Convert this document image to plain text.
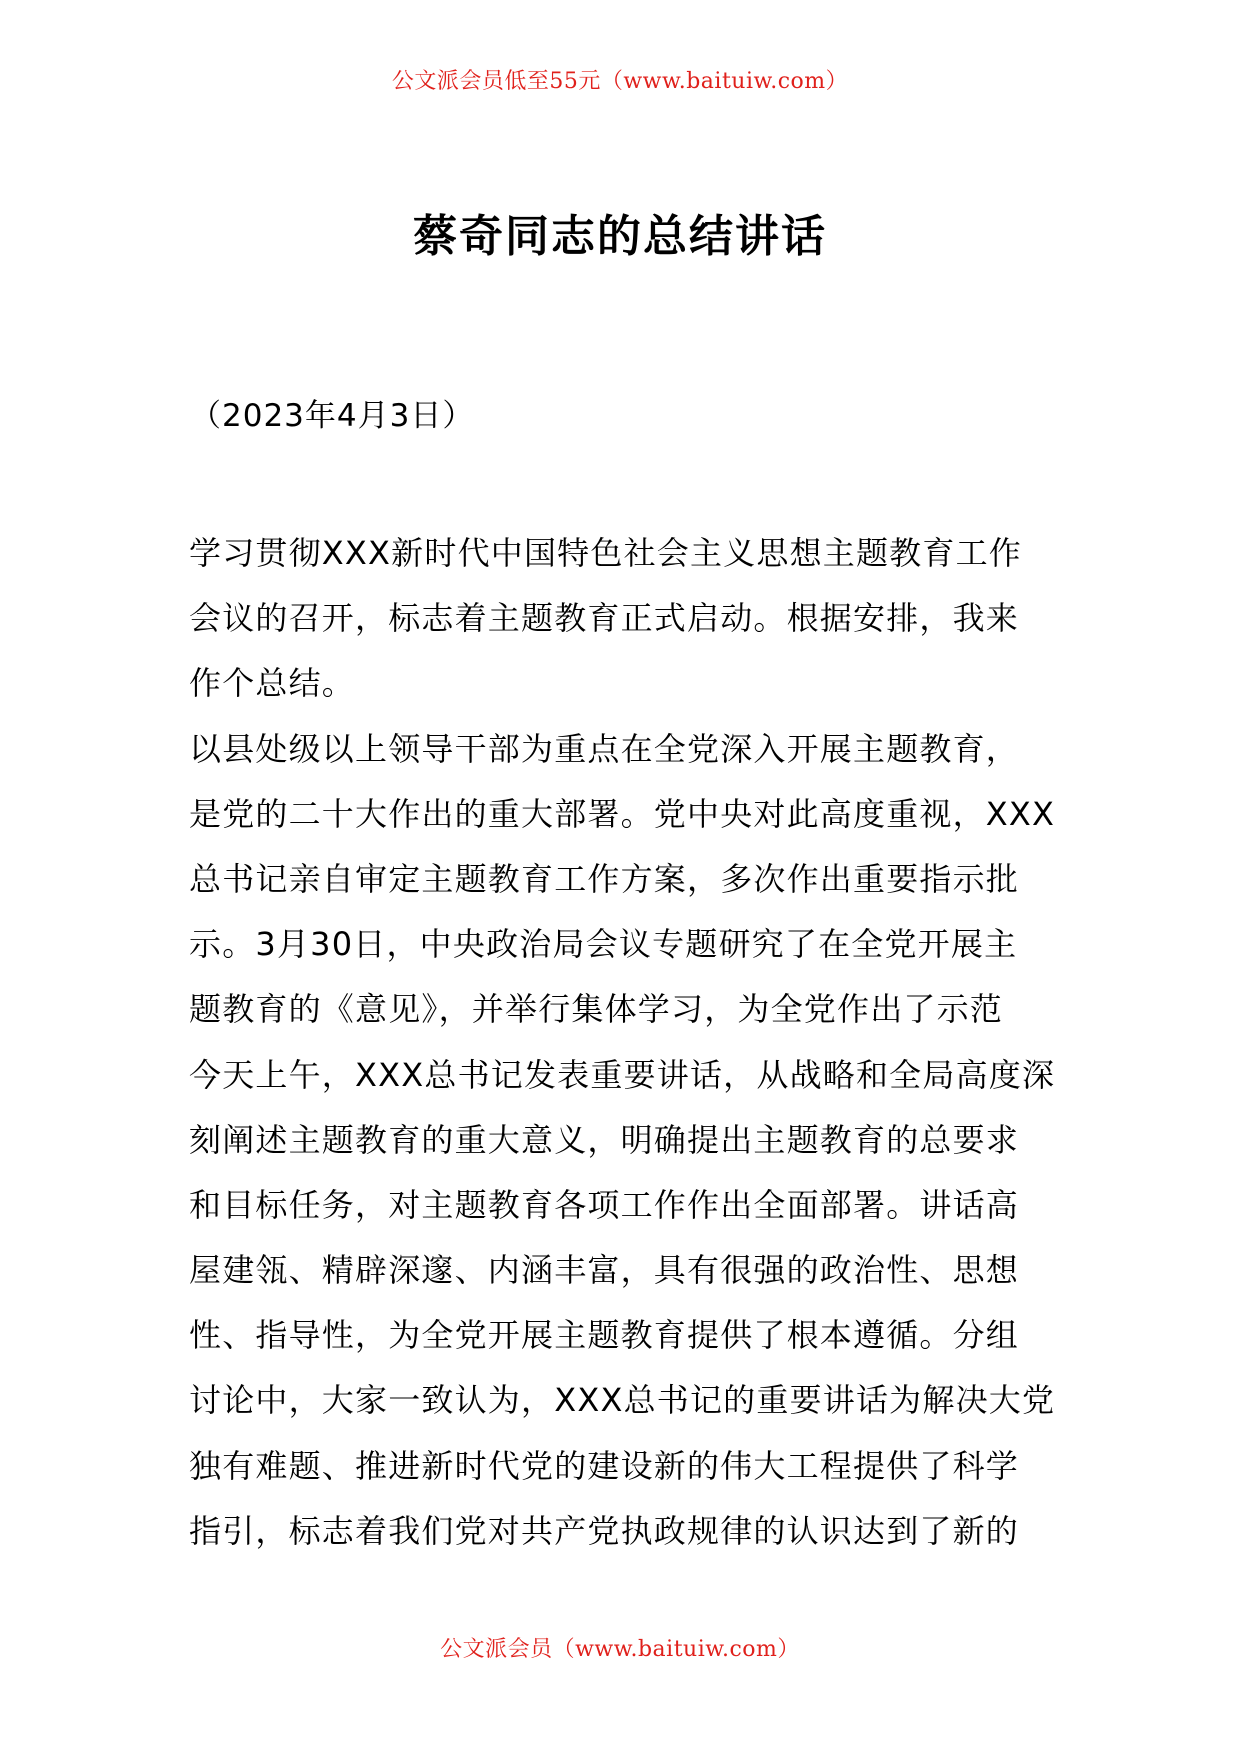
公文派会员低至55元（www.baituiw.com）
蔡奇同志的总结讲话
（2023年4月3日）
学习贯彻XXX新时代中国特色社会主义思想主题教育工作
会议的召开，标志着主题教育正式启动。根据安排，我来
作个总结。
以县处级以上领导干部为重点在全党深入开展主题教育，
是党的二十大作出的重大部署。党中央对此高度重视，XXX
总书记亲自审定主题教育工作方案，多次作出重要指示批
示。3月30日，中央政治局会议专题研究了在全党开展主
题教育的《意见》，并举行集体学习，为全党作出了示范
今天上午，XXX总书记发表重要讲话，从战略和全局高度深
刻阐述主题教育的重大意义，明确提出主题教育的总要求
和目标任务，对主题教育各项工作作出全面部署。讲话高
屋建瓴、精辟深邃、内涵丰富，具有很强的政治性、思想
性、指导性，为全党开展主题教育提供了根本遵循。分组
讨论中，大家一致认为，XXX总书记的重要讲话为解决大党
独有难题、推进新时代党的建设新的伟大工程提供了科学
指引，标志着我们党对共产党执政规律的认识达到了新的
公文派会员（www.baituiw.com）
